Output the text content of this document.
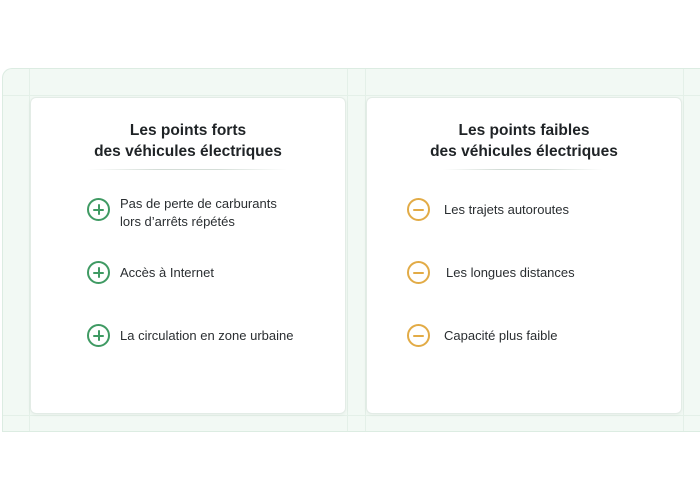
Les points forts
des véhicules électriques
Pas de perte de carburants
lors d’arrêts répétés
Accès à Internet
La circulation en zone urbaine
Les points faibles
des véhicules électriques
Les trajets autoroutes
Les longues distances
Capacité plus faible
